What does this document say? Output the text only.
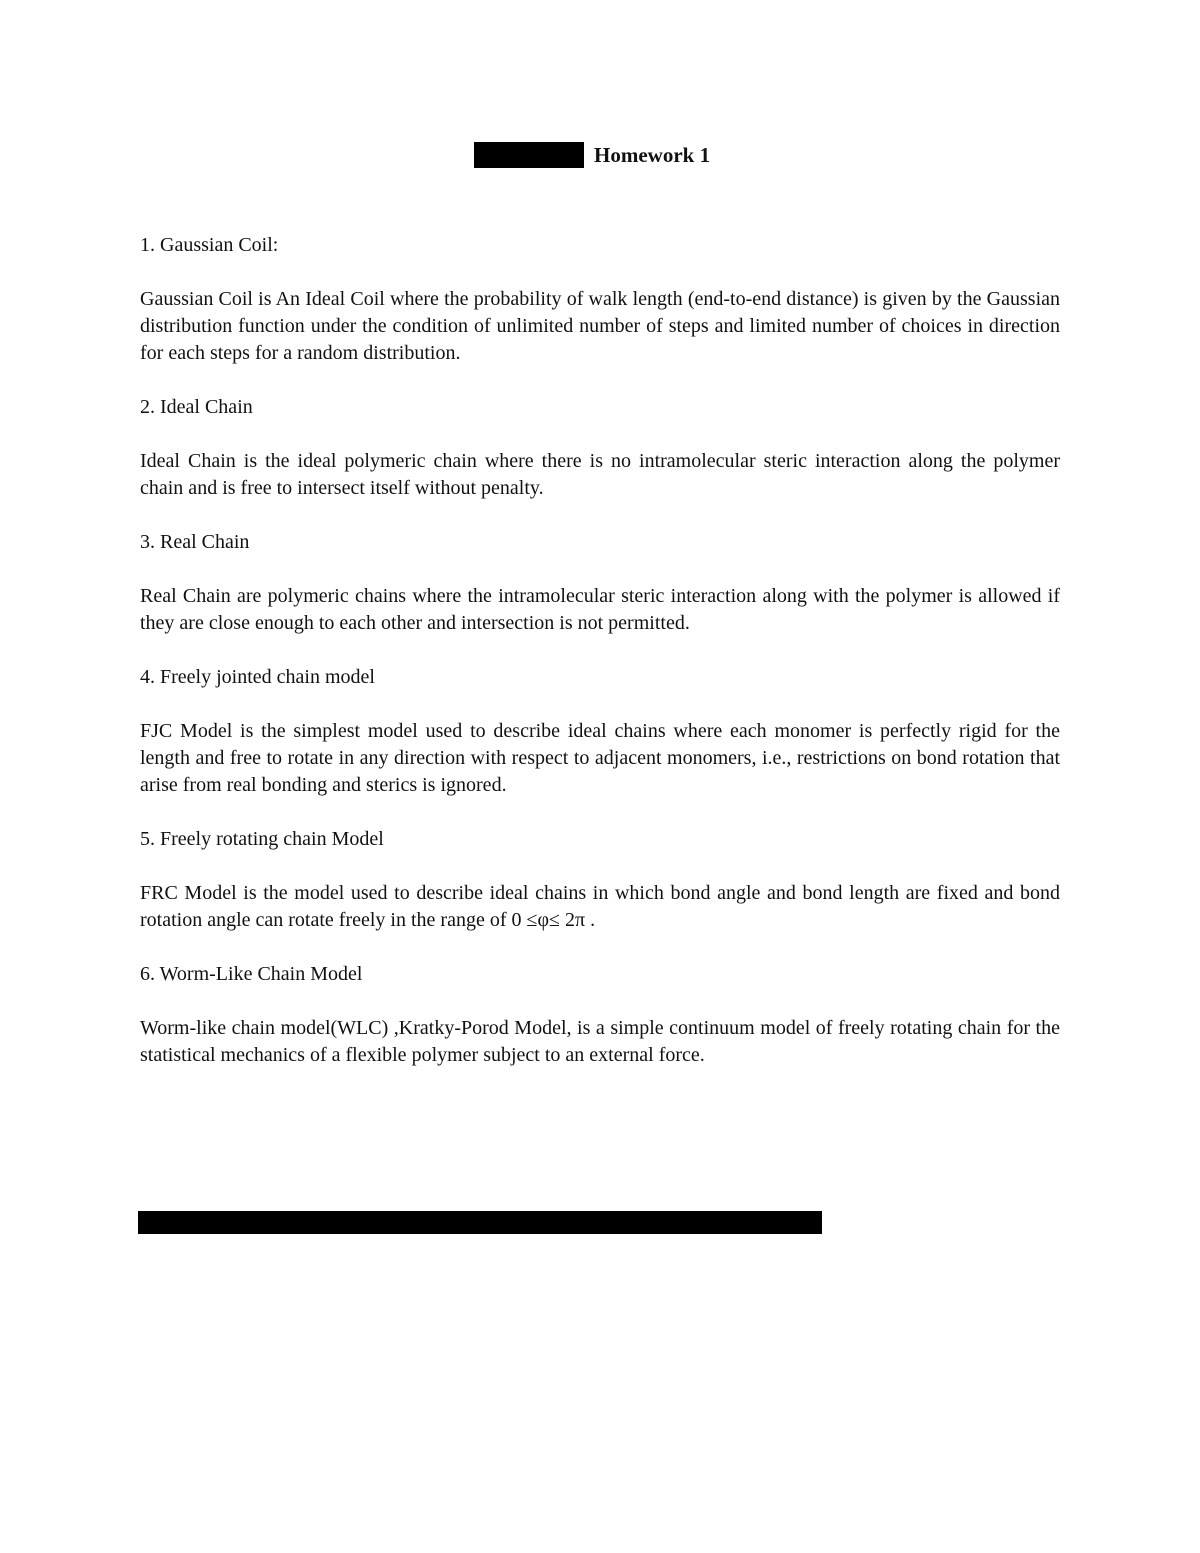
Homework 1
1. Gaussian Coil:
Gaussian Coil is An Ideal Coil where the probability of walk length (end-to-end distance) is given by the Gaussian distribution function under the condition of unlimited number of steps and limited number of choices in direction for each steps for a random distribution.
2. Ideal Chain
Ideal Chain is the ideal polymeric chain where there is no intramolecular steric interaction along the polymer chain and is free to intersect itself without penalty.
3. Real Chain
Real Chain are polymeric chains where the intramolecular steric interaction along with the polymer is allowed if they are close enough to each other and intersection is not permitted.
4. Freely jointed chain model
FJC Model is the simplest model used to describe ideal chains where each monomer is perfectly rigid for the length and free to rotate in any direction with respect to adjacent monomers, i.e., restrictions on bond rotation that arise from real bonding and sterics is ignored.
5. Freely rotating chain Model
FRC Model is the model used to describe ideal chains in which bond angle and bond length are fixed and bond rotation angle can rotate freely in the range of 0 ≤φ≤ 2π .
6. Worm-Like Chain Model
Worm-like chain model(WLC) ,Kratky-Porod Model, is a simple continuum model of freely rotating chain for the statistical mechanics of a flexible polymer subject to an external force.
